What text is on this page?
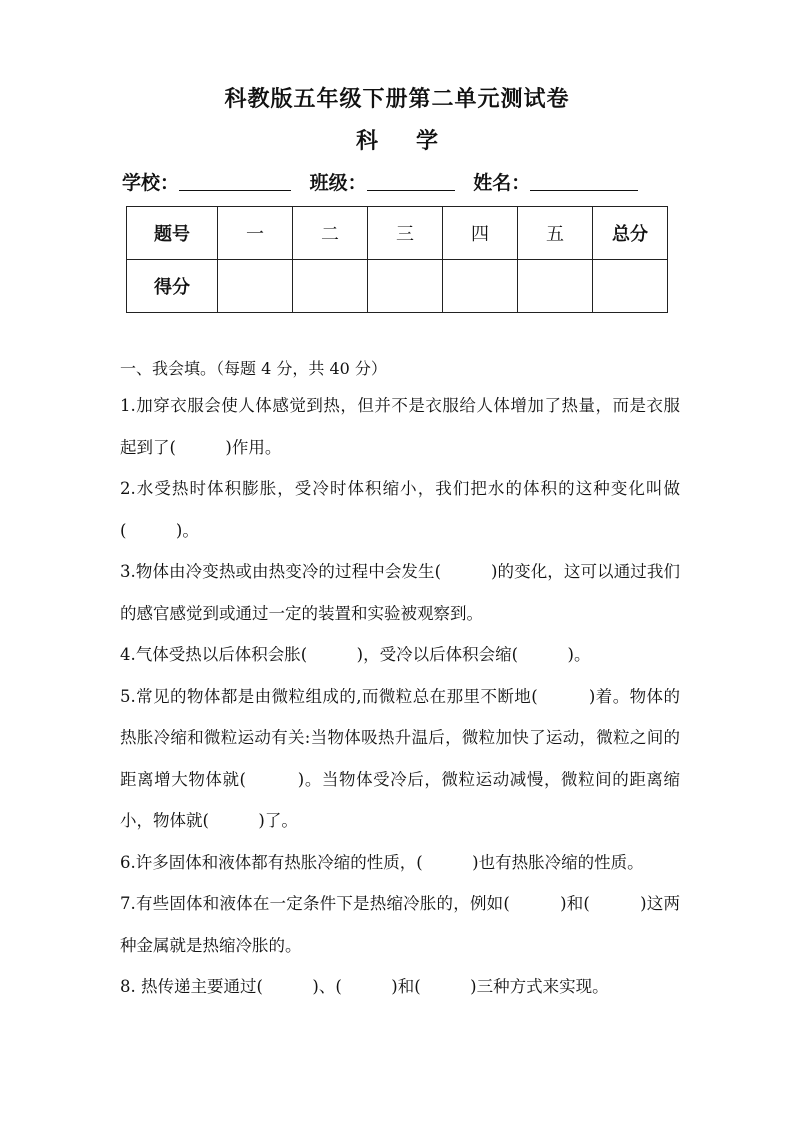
科教版五年级下册第二单元测试卷
科学
学校：	班级：	姓名：
题号	一	二	三	四	五	总分
得分						
一、我会填。（每题 4 分，共 40 分）

1.加穿衣服会使人体感觉到热，但并不是衣服给人体增加了热量，而是衣服起到了(　　　)作用。

2.水受热时体积膨胀，受冷时体积缩小，我们把水的体积的这种变化叫做(　　　)。

3.物体由冷变热或由热变冷的过程中会发生(　　　)的变化，这可以通过我们的感官感觉到或通过一定的装置和实验被观察到。

4.气体受热以后体积会胀(　　　)，受冷以后体积会缩(　　　)。

5.常见的物体都是由微粒组成的,而微粒总在那里不断地(　　　)着。物体的热胀冷缩和微粒运动有关:当物体吸热升温后，微粒加快了运动，微粒之间的距离增大物体就(　　　)。当物体受冷后，微粒运动减慢，微粒间的距离缩小，物体就(　　　)了。

6.许多固体和液体都有热胀冷缩的性质，(　　　)也有热胀冷缩的性质。

7.有些固体和液体在一定条件下是热缩冷胀的，例如(　　　)和(　　　)这两种金属就是热缩冷胀的。

8. 热传递主要通过(　　　)、(　　　)和(　　　)三种方式来实现。
